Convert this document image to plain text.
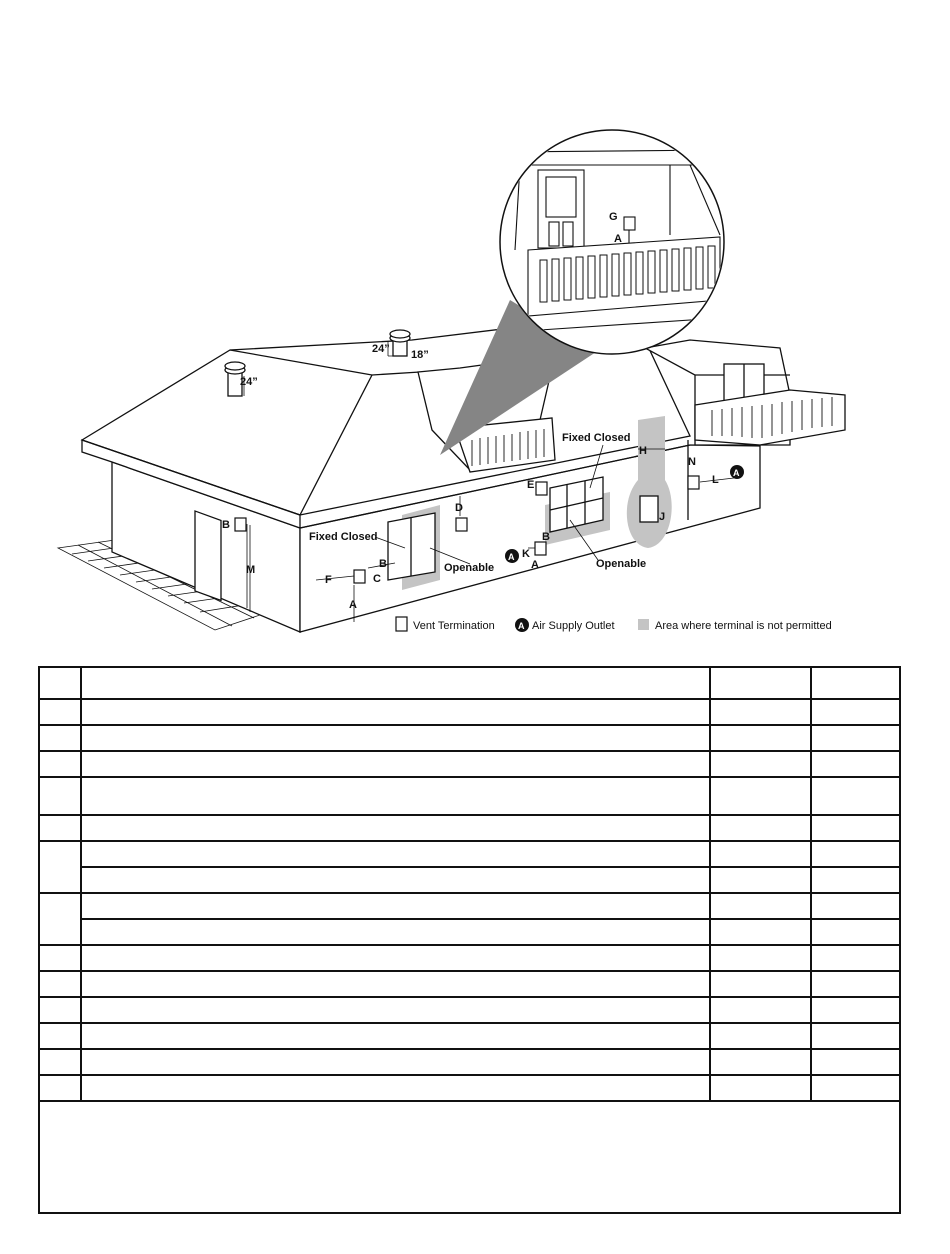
24”
24” 18”
Fixed Closed
Fixed Closed
Openable	Openable
B
M
F
B
C
A
D
E
B
K
A
H
J
N
L
G
A
A
A
Vent Termination	A Air Supply Outlet	Area where terminal is not permitted
